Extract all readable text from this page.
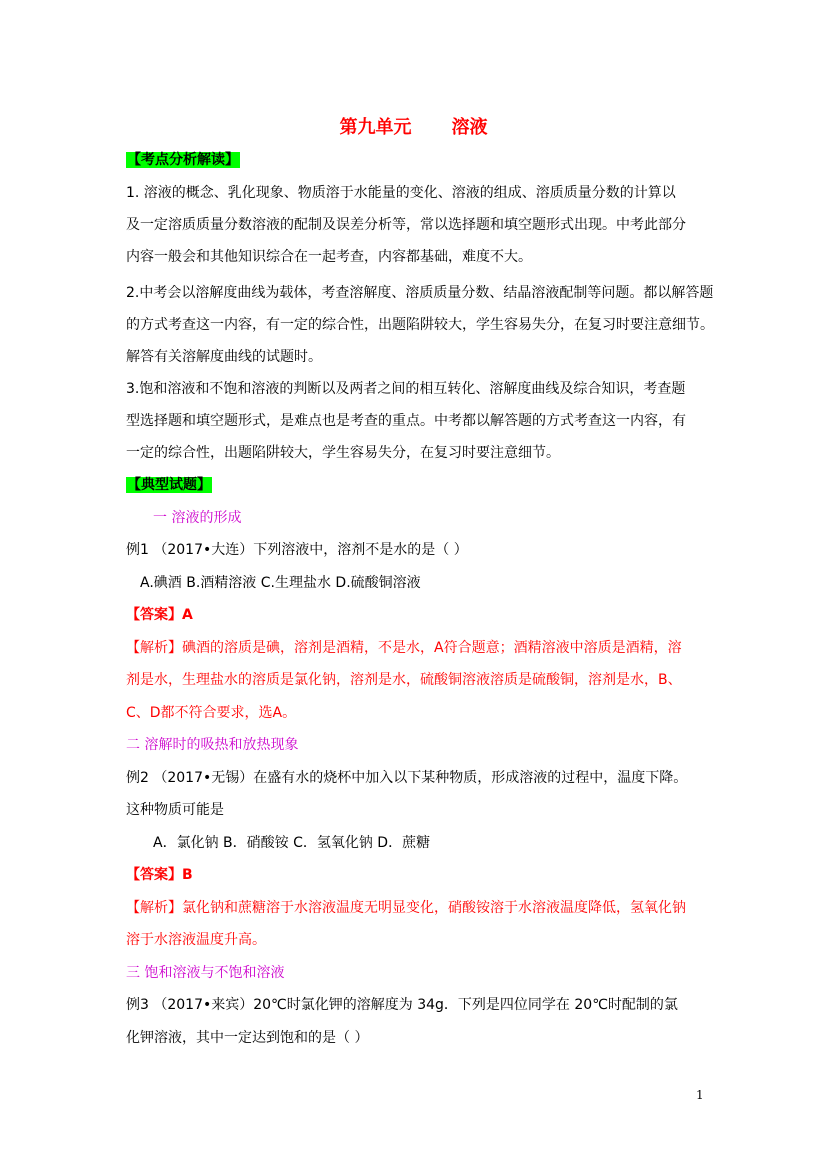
第九单元 溶液
【考点分析解读】
1. 溶液的概念、乳化现象、物质溶于水能量的变化、溶液的组成、溶质质量分数的计算以
及一定溶质质量分数溶液的配制及误差分析等，常以选择题和填空题形式出现。中考此部分
内容一般会和其他知识综合在一起考查，内容都基础，难度不大。
2.中考会以溶解度曲线为载体，考查溶解度、溶质质量分数、结晶溶液配制等问题。都以解答题
的方式考查这一内容，有一定的综合性，出题陷阱较大，学生容易失分，在复习时要注意细节。
解答有关溶解度曲线的试题时。
3.饱和溶液和不饱和溶液的判断以及两者之间的相互转化、溶解度曲线及综合知识，考查题
型选择题和填空题形式，是难点也是考查的重点。中考都以解答题的方式考查这一内容，有
一定的综合性，出题陷阱较大，学生容易失分，在复习时要注意细节。
【典型试题】
一 溶液的形成
例1 （2017•大连）下列溶液中，溶剂不是水的是（ ）
A.碘酒 B.酒精溶液 C.生理盐水 D.硫酸铜溶液
【答案】A
【解析】碘酒的溶质是碘，溶剂是酒精，不是水，A符合题意；酒精溶液中溶质是酒精，溶
剂是水，生理盐水的溶质是氯化钠，溶剂是水，硫酸铜溶液溶质是硫酸铜，溶剂是水，B、
C、D都不符合要求，选A。
二 溶解时的吸热和放热现象
例2 （2017•无锡）在盛有水的烧杯中加入以下某种物质，形成溶液的过程中，温度下降。
这种物质可能是
A．氯化钠 B．硝酸铵 C．氢氧化钠 D．蔗糖
【答案】B
【解析】氯化钠和蔗糖溶于水溶液温度无明显变化，硝酸铵溶于水溶液温度降低，氢氧化钠
溶于水溶液温度升高。
三 饱和溶液与不饱和溶液
例3 （2017•来宾）20℃时氯化钾的溶解度为 34g．下列是四位同学在 20℃时配制的氯
化钾溶液，其中一定达到饱和的是（ ）
1
